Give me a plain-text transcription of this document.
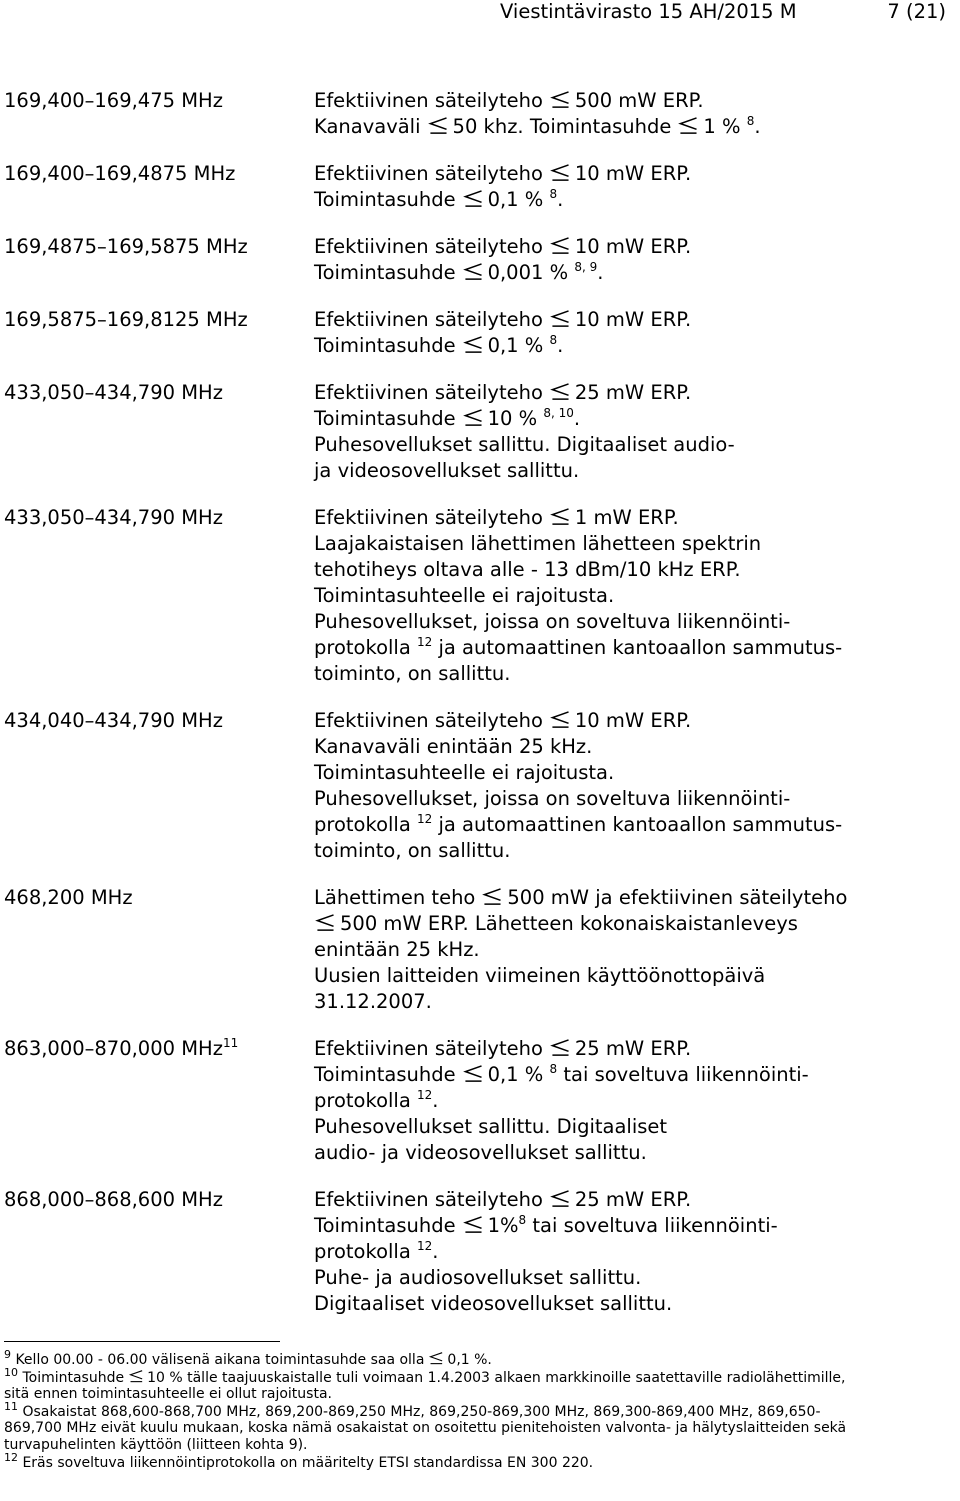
Viestintävirasto 15 AH/2015 M	7 (21)
169,400–169,475 MHz	Efektiivinen säteilyteho 500 mW ERP.
Kanavaväli 50 khz. Toimintasuhde 1 % $^8$.
169,400–169,4875 MHz	Efektiivinen säteilyteho 10 mW ERP.
Toimintasuhde 0,1 % $^8$.
169,4875–169,5875 MHz	Efektiivinen säteilyteho 10 mW ERP.
Toimintasuhde 0,001 % $^{8, 9}$.
169,5875–169,8125 MHz	Efektiivinen säteilyteho 10 mW ERP.
Toimintasuhde 0,1 % $^8$.
433,050–434,790 MHz	Efektiivinen säteilyteho 25 mW ERP.
Toimintasuhde 10 % $^{8, 10}$.
Puhesovellukset sallittu. Digitaaliset audio-
ja videosovellukset sallittu.
433,050–434,790 MHz	Efektiivinen säteilyteho 1 mW ERP.
Laajakaistaisen lähettimen lähetteen spektrin
tehotiheys oltava alle - 13 dBm/10 kHz ERP.
Toimintasuhteelle ei rajoitusta.
Puhesovellukset, joissa on soveltuva liikennöinti-
protokolla $^{12}$ ja automaattinen kantoaallon sammutus-
toiminto, on sallittu.
434,040–434,790 MHz	Efektiivinen säteilyteho 10 mW ERP.
Kanavaväli enintään 25 kHz.
Toimintasuhteelle ei rajoitusta.
Puhesovellukset, joissa on soveltuva liikennöinti-
protokolla $^{12}$ ja automaattinen kantoaallon sammutus-
toiminto, on sallittu.
468,200 MHz	Lähettimen teho 500 mW ja efektiivinen säteilyteho
500 mW ERP. Lähetteen kokonaiskaistanleveys
enintään 25 kHz.
Uusien laitteiden viimeinen käyttöönottopäivä
31.12.2007.
863,000–870,000 MHz$^{11}$	Efektiivinen säteilyteho 25 mW ERP.
Toimintasuhde 0,1 % $^8$ tai soveltuva liikennöinti-
protokolla $^{12}$.
Puhesovellukset sallittu. Digitaaliset
audio- ja videosovellukset sallittu.
868,000–868,600 MHz	Efektiivinen säteilyteho 25 mW ERP.
Toimintasuhde 1%$^8$ tai soveltuva liikennöinti-
protokolla $^{12}$.
Puhe- ja audiosovellukset sallittu.
Digitaaliset videosovellukset sallittu.
$^9$ Kello 00.00 - 06.00 välisenä aikana toimintasuhde saa olla 0,1 %.
$^{10}$ Toimintasuhde 10 % tälle taajuuskaistalle tuli voimaan 1.4.2003 alkaen markkinoille saatettaville radiolähettimille,
sitä ennen toimintasuhteelle ei ollut rajoitusta.
$^{11}$ Osakaistat 868,600-868,700 MHz, 869,200-869,250 MHz, 869,250-869,300 MHz, 869,300-869,400 MHz, 869,650-
869,700 MHz eivät kuulu mukaan, koska nämä osakaistat on osoitettu pienitehoisten valvonta- ja hälytyslaitteiden sekä
turvapuhelinten käyttöön (liitteen kohta 9).
$^{12}$ Eräs soveltuva liikennöintiprotokolla on määritelty ETSI standardissa EN 300 220.
